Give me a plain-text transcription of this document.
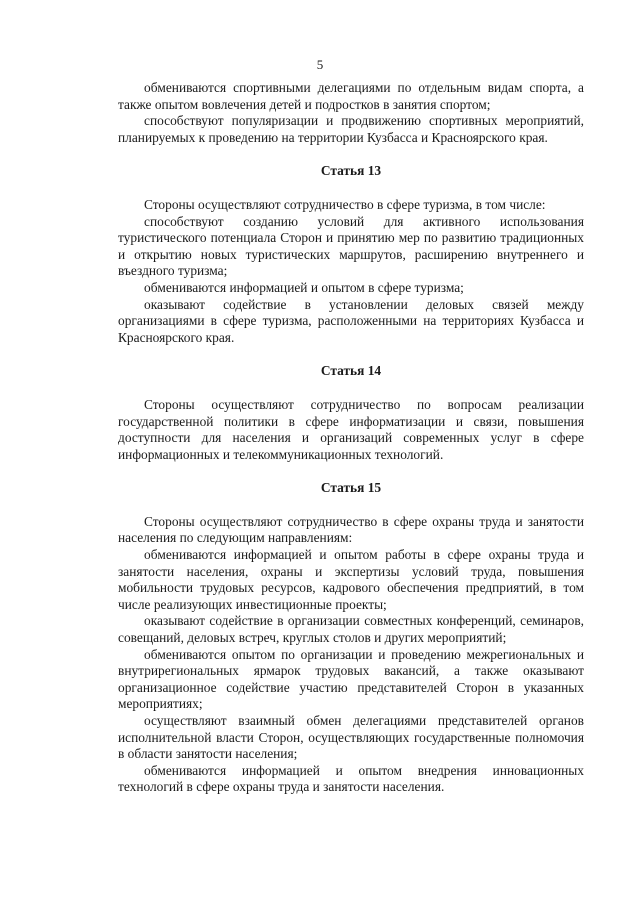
5

обмениваются спортивными делегациями по отдельным видам спорта, а также опытом вовлечения детей и подростков в занятия спортом;

способствуют популяризации и продвижению спортивных мероприятий, планируемых к проведению на территории Кузбасса и Красноярского края.

Статья 13

Стороны осуществляют сотрудничество в сфере туризма, в том числе:

способствуют созданию условий для активного использования туристического потенциала Сторон и принятию мер по развитию традиционных и открытию новых туристических маршрутов, расширению внутреннего и въездного туризма;

обмениваются информацией и опытом в сфере туризма;

оказывают содействие в установлении деловых связей между организациями в сфере туризма, расположенными на территориях Кузбасса и Красноярского края.

Статья 14

Стороны осуществляют сотрудничество по вопросам реализации государственной политики в сфере информатизации и связи, повышения доступности для населения и организаций современных услуг в сфере информационных и телекоммуникационных технологий.

Статья 15

Стороны осуществляют сотрудничество в сфере охраны труда и занятости населения по следующим направлениям:

обмениваются информацией и опытом работы в сфере охраны труда и занятости населения, охраны и экспертизы условий труда, повышения мобильности трудовых ресурсов, кадрового обеспечения предприятий, в том числе реализующих инвестиционные проекты;

оказывают содействие в организации совместных конференций, семинаров, совещаний, деловых встреч, круглых столов и других мероприятий;

обмениваются опытом по организации и проведению межрегиональных и внутрирегиональных ярмарок трудовых вакансий, а также оказывают организационное содействие участию представителей Сторон в указанных мероприятиях;

осуществляют взаимный обмен делегациями представителей органов исполнительной власти Сторон, осуществляющих государственные полномочия в области занятости населения;

обмениваются информацией и опытом внедрения инновационных технологий в сфере охраны труда и занятости населения.
